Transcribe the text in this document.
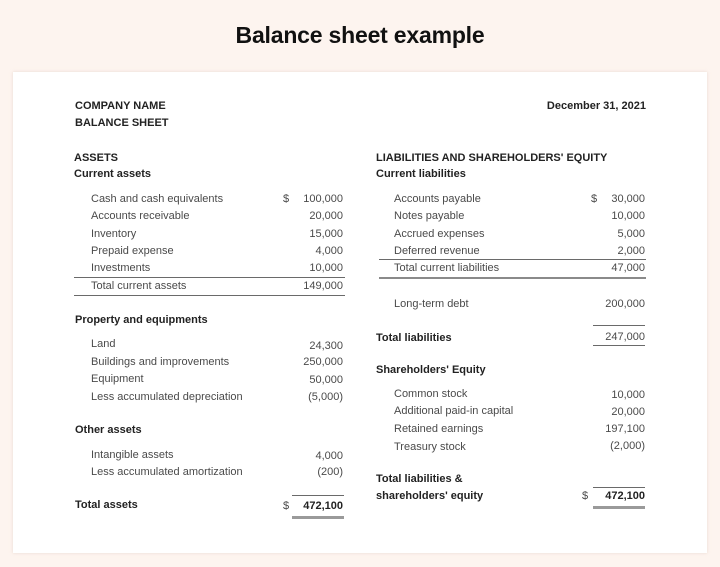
Balance sheet example
COMPANY NAME
BALANCE SHEET
December 31, 2021
ASSETS
Current assets
Cash and cash equivalents	$ 100,000
Accounts receivable	20,000
Inventory	15,000
Prepaid expense	4,000
Investments	10,000
Total current assets	149,000
Property and equipments
Land	24,300
Buildings and improvements	250,000
Equipment	50,000
Less accumulated depreciation	(5,000)
Other assets
Intangible assets	4,000
Less accumulated amortization	(200)
Total assets	$ 472,100
LIABILITIES AND SHAREHOLDERS' EQUITY
Current liabilities
Accounts payable	$ 30,000
Notes payable	10,000
Accrued expenses	5,000
Deferred revenue	2,000
Total current liabilities	47,000
Long-term debt	200,000
Total liabilities	247,000
Shareholders' Equity
Common stock	10,000
Additional paid-in capital	20,000
Retained earnings	197,100
Treasury stock	(2,000)
Total liabilities &
shareholders' equity	$ 472,100
